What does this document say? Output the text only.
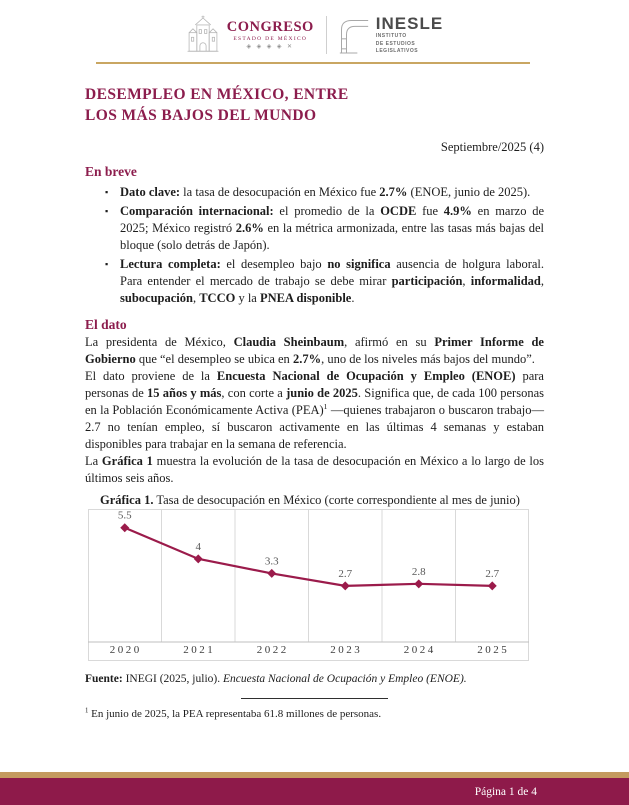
CONGRESO
ESTADO DE MÉXICO
◈ ◈ ◈ ◈ ✕
INESLE
INSTITUTO
DE ESTUDIOS
LEGISLATIVOS
DESEMPLEO EN MÉXICO, ENTRE
LOS MÁS BAJOS DEL MUNDO
Septiembre/2025 (4)
En breve
▪ Dato clave: la tasa de desocupación en México fue 2.7% (ENOE, junio de 2025).
▪ Comparación internacional: el promedio de la OCDE fue 4.9% en marzo de 2025; México registró 2.6% en la métrica armonizada, entre las tasas más bajas del bloque (solo detrás de Japón).
▪ Lectura completa: el desempleo bajo no significa ausencia de holgura laboral. Para entender el mercado de trabajo se debe mirar participación, informalidad, subocupación, TCCO y la PNEA disponible.
El dato

La presidenta de México, Claudia Sheinbaum, afirmó en su Primer Informe de Gobierno que “el desempleo se ubica en 2.7%, uno de los niveles más bajos del mundo”.

El dato proviene de la Encuesta Nacional de Ocupación y Empleo (ENOE) para personas de 15 años y más, con corte a junio de 2025. Significa que, de cada 100 personas en la Población Económicamente Activa (PEA)$^1$ —quienes trabajaron o buscaron trabajo— 2.7 no tenían empleo, sí buscaron activamente en las últimas 4 semanas y estaban disponibles para trabajar en la semana de referencia.

La Gráfica 1 muestra la evolución de la tasa de desocupación en México a lo largo de los últimos seis años.

Gráfica 1. Tasa de desocupación en México (corte correspondiente al mes de junio)
5.5
2020
4
2021
3.3
2022
2.7
2023
2.8
2024
2.7
2025
Fuente: INEGI (2025, julio). Encuesta Nacional de Ocupación y Empleo (ENOE).
$^1$ En junio de 2025, la PEA representaba 61.8 millones de personas.
Página 1 de 4
